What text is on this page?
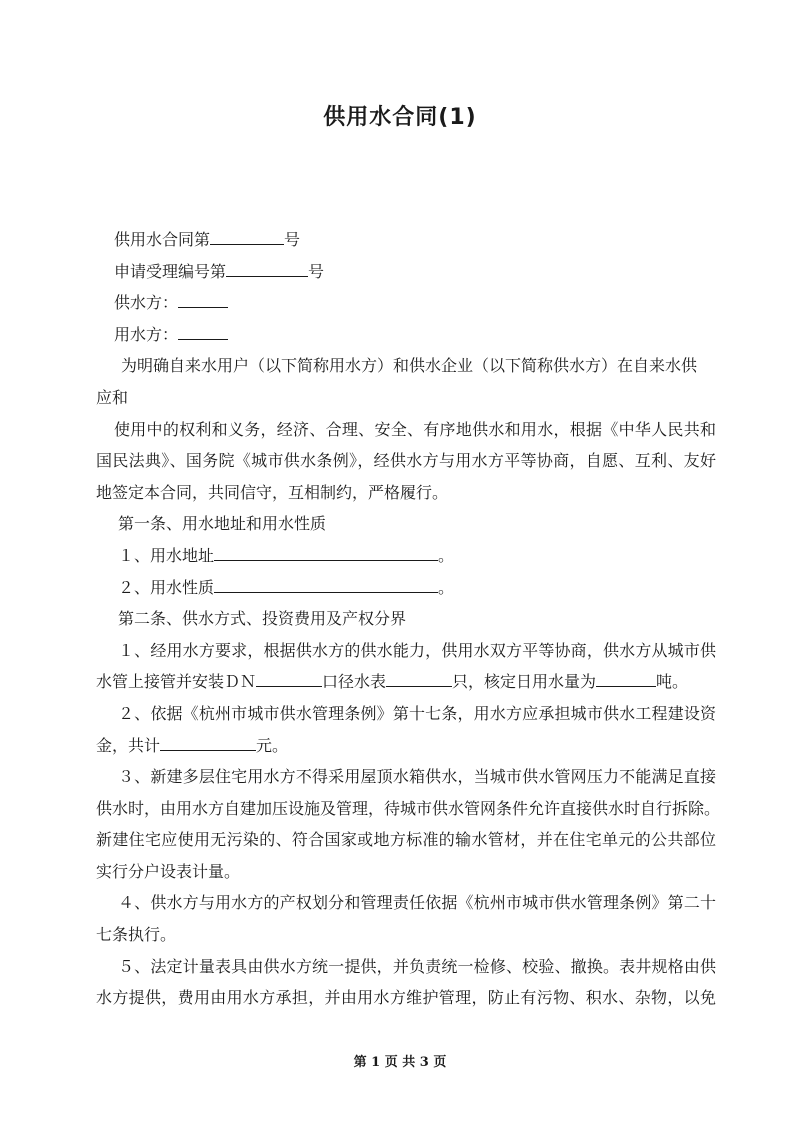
供用水合同(1)
供用水合同第	号
申请受理编号第	号
供水方：
用水方：
为明确自来水用户（以下简称用水方）和供水企业（以下简称供水方）在自来水供
应和
使用中的权利和义务，经济、合理、安全、有序地供水和用水，根据《中华人民共和
国民法典》、国务院《城市供水条例》，经供水方与用水方平等协商，自愿、互利、友好
地签定本合同，共同信守，互相制约，严格履行。
第一条、用水地址和用水性质
１、用水地址	。
２、用水性质	。
第二条、供水方式、投资费用及产权分界
１、经用水方要求，根据供水方的供水能力，供用水双方平等协商，供水方从城市供
水管上接管并安装ＤＮ	口径水表	只，核定日用水量为	吨。
２、依据《杭州市城市供水管理条例》第十七条，用水方应承担城市供水工程建设资
金，共计	元。
３、新建多层住宅用水方不得采用屋顶水箱供水，当城市供水管网压力不能满足直接
供水时，由用水方自建加压设施及管理，待城市供水管网条件允许直接供水时自行拆除。
新建住宅应使用无污染的、符合国家或地方标准的输水管材，并在住宅单元的公共部位
实行分户设表计量。
４、供水方与用水方的产权划分和管理责任依据《杭州市城市供水管理条例》第二十
七条执行。
５、法定计量表具由供水方统一提供，并负责统一检修、校验、撤换。表井规格由供
水方提供，费用由用水方承担，并由用水方维护管理，防止有污物、积水、杂物，以免
第 1 页 共 3 页
